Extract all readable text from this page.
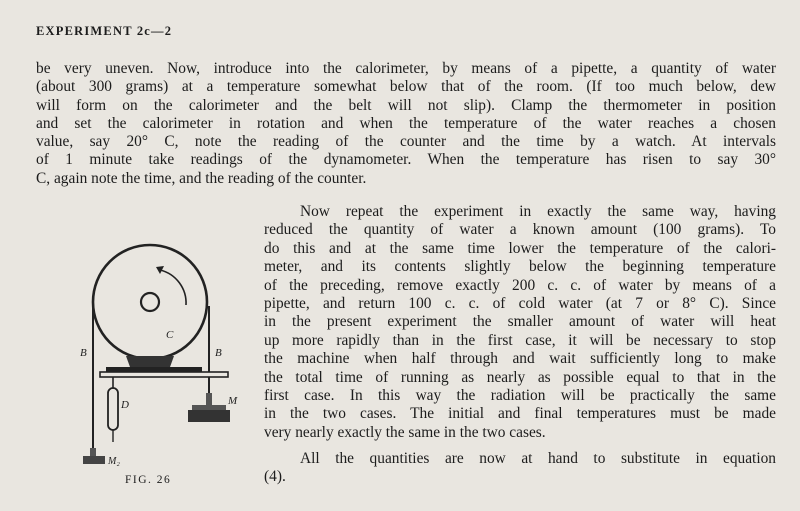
EXPERIMENT 2c—2

be very uneven. Now, introduce into the calorimeter, by means of a pipette, a quantity of water
(about 300 grams) at a temperature somewhat below that of the room. (If too much below, dew
will form on the calorimeter and the belt will not slip). Clamp the thermometer in position
and set the calorimeter in rotation and when the temperature of the water reaches a chosen
value, say 20° C, note the reading of the counter and the time by a watch. At intervals
of 1 minute take readings of the dynamometer. When the temperature has risen to say 30°
C, again note the time, and the reading of the counter.

C
B	B
D	M
M₂
FIG. 26

Now repeat the experiment in exactly the same way, having
reduced the quantity of water a known amount (100 grams). To
do this and at the same time lower the temperature of the calori-
meter, and its contents slightly below the beginning temperature
of the preceding, remove exactly 200 c. c. of water by means of a
pipette, and return 100 c. c. of cold water (at 7 or 8° C). Since
in the present experiment the smaller amount of water will heat
up more rapidly than in the first case, it will be necessary to stop
the machine when half through and wait sufficiently long to make
the total time of running as nearly as possible equal to that in the
first case. In this way the radiation will be practically the same
in the two cases. The initial and final temperatures must be made
very nearly exactly the same in the two cases.

All the quantities are now at hand to substitute in equation
(4).
